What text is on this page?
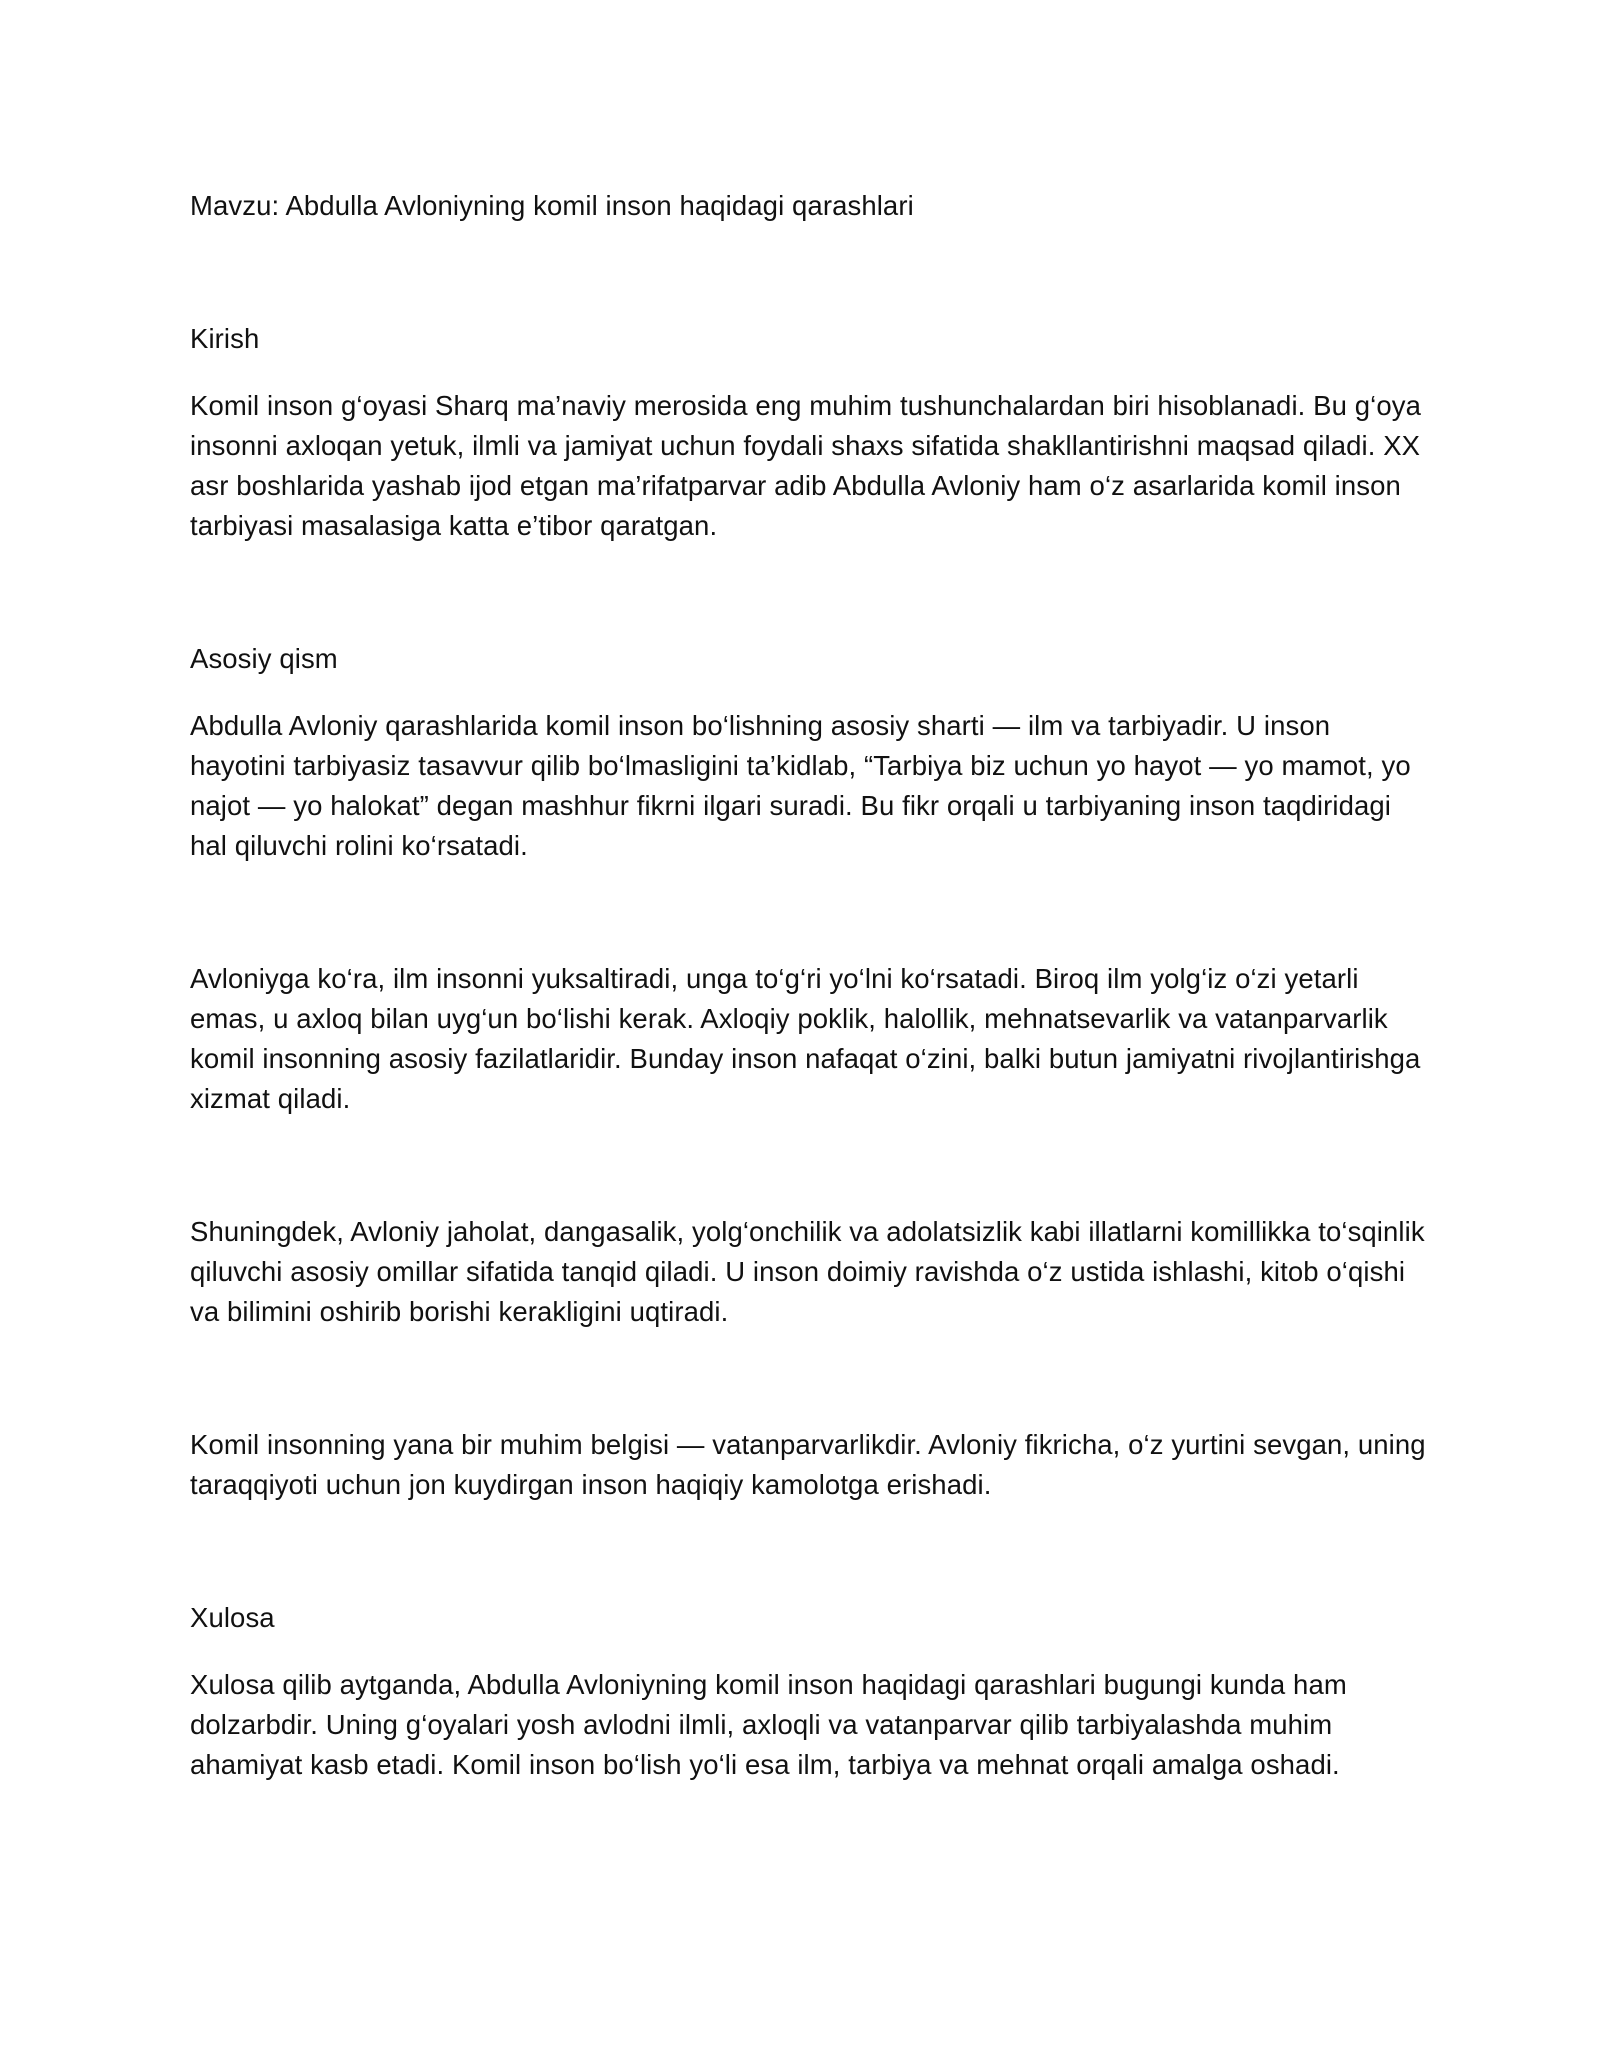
Mavzu: Abdulla Avloniyning komil inson haqidagi qarashlari

Kirish

Komil inson g‘oyasi Sharq ma’naviy merosida eng muhim tushunchalardan biri hisoblanadi. Bu g‘oya insonni axloqan yetuk, ilmli va jamiyat uchun foydali shaxs sifatida shakllantirishni maqsad qiladi. XX asr boshlarida yashab ijod etgan ma’rifatparvar adib Abdulla Avloniy ham o‘z asarlarida komil inson tarbiyasi masalasiga katta e’tibor qaratgan.

Asosiy qism

Abdulla Avloniy qarashlarida komil inson bo‘lishning asosiy sharti — ilm va tarbiyadir. U inson hayotini tarbiyasiz tasavvur qilib bo‘lmasligini ta’kidlab, “Tarbiya biz uchun yo hayot — yo mamot, yo najot — yo halokat” degan mashhur fikrni ilgari suradi. Bu fikr orqali u tarbiyaning inson taqdiridagi hal qiluvchi rolini ko‘rsatadi.

Avloniyga ko‘ra, ilm insonni yuksaltiradi, unga to‘g‘ri yo‘lni ko‘rsatadi. Biroq ilm yolg‘iz o‘zi yetarli emas, u axloq bilan uyg‘un bo‘lishi kerak. Axloqiy poklik, halollik, mehnatsevarlik va vatanparvarlik komil insonning asosiy fazilatlaridir. Bunday inson nafaqat o‘zini, balki butun jamiyatni rivojlantirishga xizmat qiladi.

Shuningdek, Avloniy jaholat, dangasalik, yolg‘onchilik va adolatsizlik kabi illatlarni komillikka to‘sqinlik qiluvchi asosiy omillar sifatida tanqid qiladi. U inson doimiy ravishda o‘z ustida ishlashi, kitob o‘qishi va bilimini oshirib borishi kerakligini uqtiradi.

Komil insonning yana bir muhim belgisi — vatanparvarlikdir. Avloniy fikricha, o‘z yurtini sevgan, uning taraqqiyoti uchun jon kuydirgan inson haqiqiy kamolotga erishadi.

Xulosa

Xulosa qilib aytganda, Abdulla Avloniyning komil inson haqidagi qarashlari bugungi kunda ham dolzarbdir. Uning g‘oyalari yosh avlodni ilmli, axloqli va vatanparvar qilib tarbiyalashda muhim ahamiyat kasb etadi. Komil inson bo‘lish yo‘li esa ilm, tarbiya va mehnat orqali amalga oshadi.
